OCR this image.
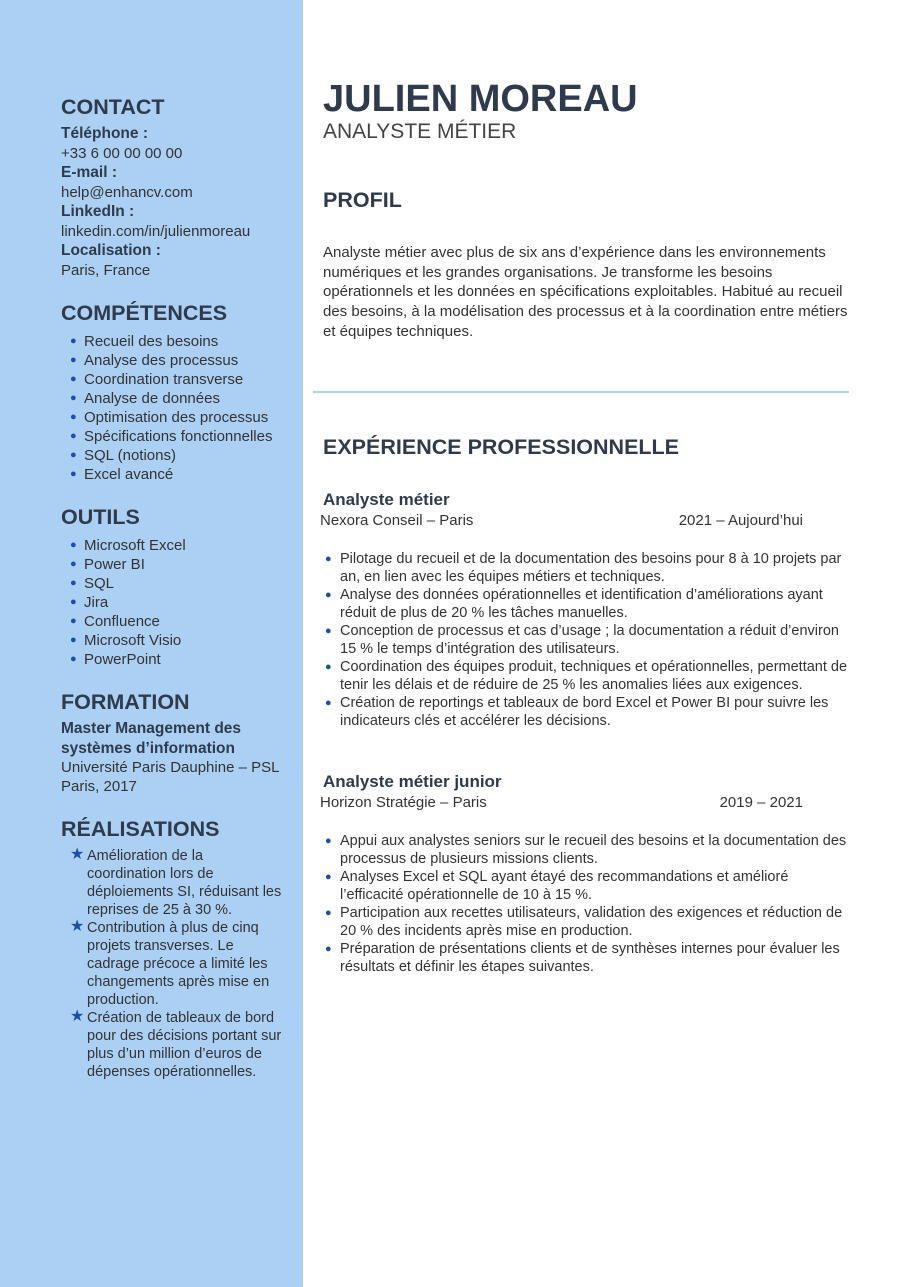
CONTACT
Téléphone :
+33 6 00 00 00 00
E-mail :
help@enhancv.com
LinkedIn :
linkedin.com/in/julienmoreau
Localisation :
Paris, France
COMPÉTENCES
● Recueil des besoins
● Analyse des processus
● Coordination transverse
● Analyse de données
● Optimisation des processus
● Spécifications fonctionnelles
● SQL (notions)
● Excel avancé
OUTILS
● Microsoft Excel
● Power BI
● SQL
● Jira
● Confluence
● Microsoft Visio
● PowerPoint
FORMATION
Master Management des systèmes d’information
Université Paris Dauphine – PSL
Paris, 2017
RÉALISATIONS
★ Amélioration de la coordination lors de déploiements SI, réduisant les reprises de 25 à 30 %.
★ Contribution à plus de cinq projets transverses. Le cadrage précoce a limité les changements après mise en production.
★ Création de tableaux de bord pour des décisions portant sur plus d’un million d’euros de dépenses opérationnelles.
JULIEN MOREAU
ANALYSTE MÉTIER
PROFIL
Analyste métier avec plus de six ans d’expérience dans les environnements numériques et les grandes organisations. Je transforme les besoins opérationnels et les données en spécifications exploitables. Habitué au recueil des besoins, à la modélisation des processus et à la coordination entre métiers et équipes techniques.
EXPÉRIENCE PROFESSIONNELLE
Analyste métier
Nexora Conseil – Paris	2021 – Aujourd’hui
● Pilotage du recueil et de la documentation des besoins pour 8 à 10 projets par an, en lien avec les équipes métiers et techniques.
● Analyse des données opérationnelles et identification d’améliorations ayant réduit de plus de 20 % les tâches manuelles.
● Conception de processus et cas d’usage ; la documentation a réduit d’environ 15 % le temps d’intégration des utilisateurs.
● Coordination des équipes produit, techniques et opérationnelles, permettant de tenir les délais et de réduire de 25 % les anomalies liées aux exigences.
● Création de reportings et tableaux de bord Excel et Power BI pour suivre les indicateurs clés et accélérer les décisions.
Analyste métier junior
Horizon Stratégie – Paris	2019 – 2021
● Appui aux analystes seniors sur le recueil des besoins et la documentation des processus de plusieurs missions clients.
● Analyses Excel et SQL ayant étayé des recommandations et amélioré l’efficacité opérationnelle de 10 à 15 %.
● Participation aux recettes utilisateurs, validation des exigences et réduction de 20 % des incidents après mise en production.
● Préparation de présentations clients et de synthèses internes pour évaluer les résultats et définir les étapes suivantes.
